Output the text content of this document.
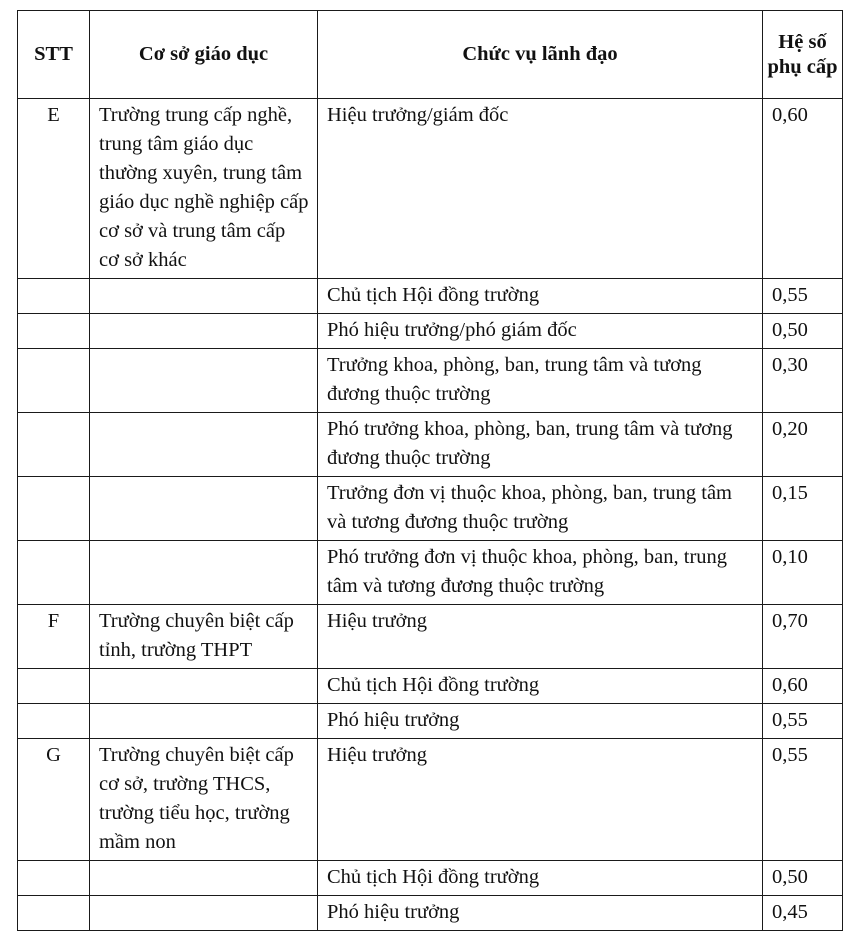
STT	Cơ sở giáo dục	Chức vụ lãnh đạo	Hệ số phụ cấp
E	Trường trung cấp nghề, trung tâm giáo dục thường xuyên, trung tâm giáo dục nghề nghiệp cấp cơ sở và trung tâm cấp cơ sở khác	Hiệu trưởng/giám đốc	0,60
		Chủ tịch Hội đồng trường	0,55
		Phó hiệu trưởng/phó giám đốc	0,50
		Trưởng khoa, phòng, ban, trung tâm và tương đương thuộc trường	0,30
		Phó trưởng khoa, phòng, ban, trung tâm và tương đương thuộc trường	0,20
		Trưởng đơn vị thuộc khoa, phòng, ban, trung tâm và tương đương thuộc trường	0,15
		Phó trưởng đơn vị thuộc khoa, phòng, ban, trung tâm và tương đương thuộc trường	0,10
F	Trường chuyên biệt cấp tỉnh, trường THPT	Hiệu trưởng	0,70
		Chủ tịch Hội đồng trường	0,60
		Phó hiệu trưởng	0,55
G	Trường chuyên biệt cấp cơ sở, trường THCS, trường tiểu học, trường mầm non	Hiệu trưởng	0,55
		Chủ tịch Hội đồng trường	0,50
		Phó hiệu trưởng	0,45
